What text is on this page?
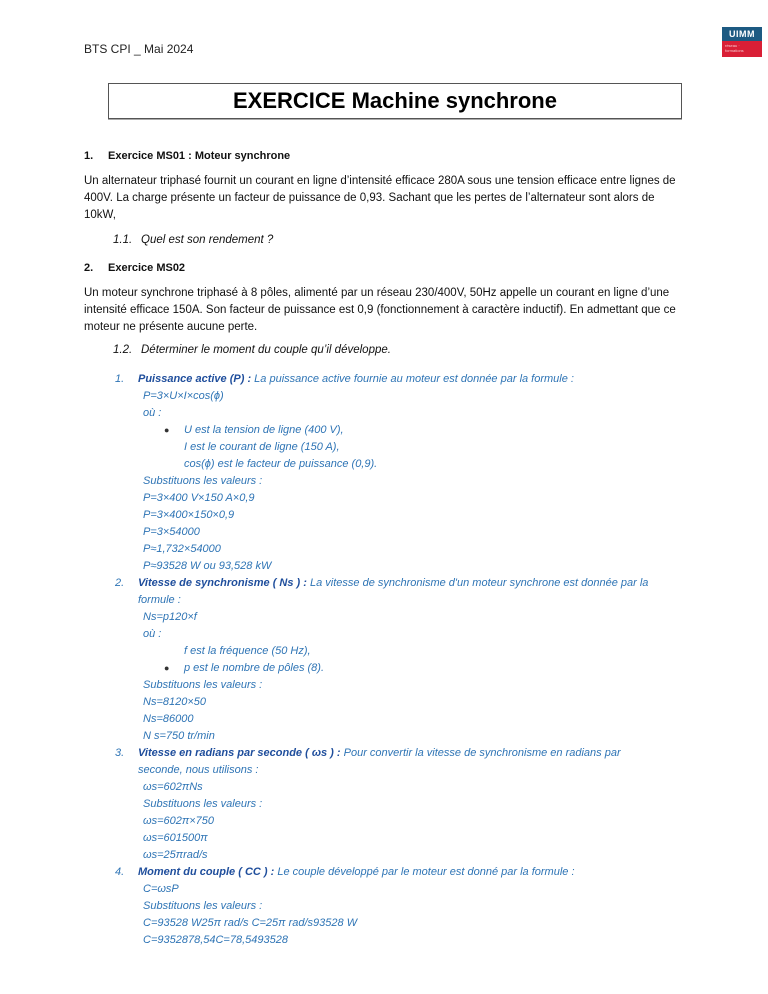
BTS CPI _ Mai 2024
UIMM
réseau · formations
EXERCICE Machine synchrone
1. Exercice MS01 : Moteur synchrone
Un alternateur triphasé fournit un courant en ligne d’intensité efficace 280A sous une tension efficace entre lignes de 400V. La charge présente un facteur de puissance de 0,93. Sachant que les pertes de l’alternateur sont alors de 10kW,
1.1. Quel est son rendement ?
2. Exercice MS02
Un moteur synchrone triphasé à 8 pôles, alimenté par un réseau 230/400V, 50Hz appelle un courant en ligne d’une intensité efficace 150A. Son facteur de puissance est 0,9 (fonctionnement à caractère inductif). En admettant que ce moteur ne présente aucune perte.
1.2. Déterminer le moment du couple qu’il développe.
1. Puissance active (P) : La puissance active fournie au moteur est donnée par la formule :
P=3×U×I×cos(ϕ)
où :
● U est la tension de ligne (400 V),
I est le courant de ligne (150 A),
cos(ϕ) est le facteur de puissance (0,9).
Substituons les valeurs :
P=3×400 V×150 A×0,9
P=3×400×150×0,9
P=3×54000
P≈1,732×54000
P≈93528 W ou 93,528 kW
2. Vitesse de synchronisme ( Ns ) : La vitesse de synchronisme d'un moteur synchrone est donnée par la
formule :
Ns=p120×f
où :
f est la fréquence (50 Hz),
● p est le nombre de pôles (8).
Substituons les valeurs :
Ns=8120×50
Ns=86000
N s=750 tr/min
3. Vitesse en radians par seconde ( ωs ) : Pour convertir la vitesse de synchronisme en radians par
seconde, nous utilisons :
ωs=602πNs
Substituons les valeurs :
ωs=602π×750
ωs=601500π
ωs=25πrad/s
4. Moment du couple ( CC ) : Le couple développé par le moteur est donné par la formule :
C=ωsP
Substituons les valeurs :
C=93528 W25π rad/s C=25π rad/s93528 W
C=9352878,54C=78,5493528
